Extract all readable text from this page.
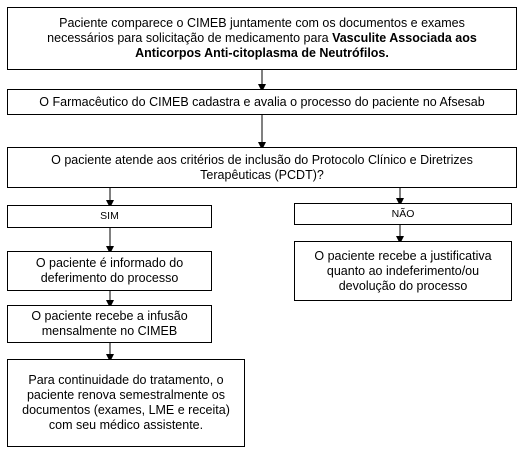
Paciente comparece o CIMEB juntamente com os documentos e exames
necessários para solicitação de medicamento para Vasculite Associada aos
Anticorpos Anti-citoplasma de Neutrófilos.
O Farmacêutico do CIMEB cadastra e avalia o processo do paciente no Afsesab
O paciente atende aos critérios de inclusão do Protocolo Clínico e Diretrizes Terapêuticas (PCDT)?
SIM	NÃO
O paciente é informado do deferimento do processo
O paciente recebe a infusão mensalmente no CIMEB
Para continuidade do tratamento, o paciente renova semestralmente os documentos (exames, LME e receita) com seu médico assistente.
O paciente recebe a justificativa quanto ao indeferimento/ou devolução do processo
